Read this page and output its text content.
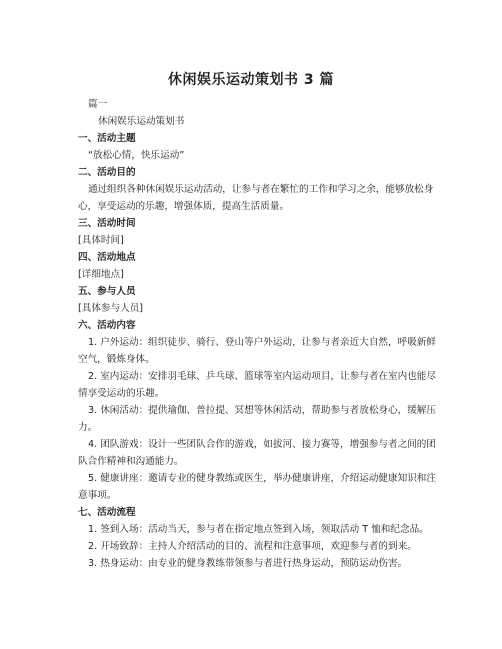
休闲娱乐运动策划书 3 篇

篇一

休闲娱乐运动策划书

一、活动主题

“放松心情，快乐运动”

二、活动目的

通过组织各种休闲娱乐运动活动，让参与者在繁忙的工作和学习之余，能够放松身心，享受运动的乐趣，增强体质，提高生活质量。

三、活动时间

[具体时间]

四、活动地点

[详细地点]

五、参与人员

[具体参与人员]

六、活动内容

1. 户外运动：组织徒步、骑行、登山等户外运动，让参与者亲近大自然，呼吸新鲜空气，锻炼身体。

2. 室内运动：安排羽毛球、乒乓球、篮球等室内运动项目，让参与者在室内也能尽情享受运动的乐趣。

3. 休闲活动：提供瑜伽、普拉提、冥想等休闲活动，帮助参与者放松身心，缓解压力。

4. 团队游戏：设计一些团队合作的游戏，如拔河、接力赛等，增强参与者之间的团队合作精神和沟通能力。

5. 健康讲座：邀请专业的健身教练或医生，举办健康讲座，介绍运动健康知识和注意事项。

七、活动流程

1. 签到入场：活动当天，参与者在指定地点签到入场，领取活动 T 恤和纪念品。

2. 开场致辞：主持人介绍活动的目的、流程和注意事项，欢迎参与者的到来。

3. 热身运动：由专业的健身教练带领参与者进行热身运动，预防运动伤害。
